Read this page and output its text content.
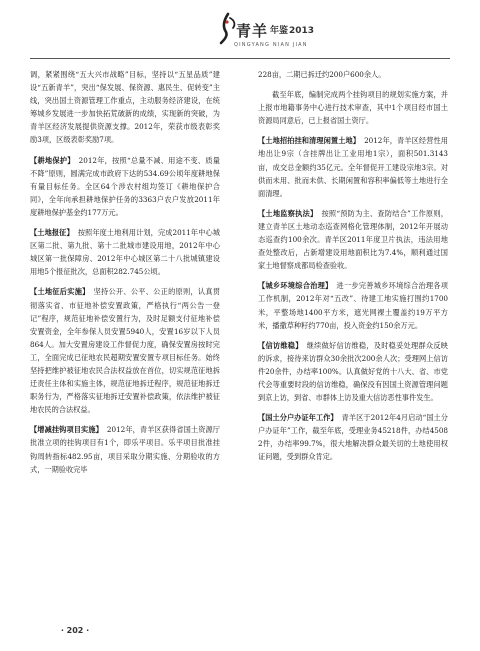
青羊 年鉴2013
QINGYANG NIAN JIAN

调，紧紧围绕“五大兴市战略”目标，坚持以“五星品质”建设“五新青羊”，突出“保发展、保资源、惠民生、促转变”主线，突出国土资源管理工作重点，主动服务经济建设，在统筹城乡发展进一步加快拓荒破新的成绩，实现新的突破，为青羊区经济发展提供资源支撑。2012年，荣获市级表彰奖励3项，区级表彰奖励7项。

【耕地保护】 2012年，按照“总量不减、用途不变、质量不降”原则，圆满完成市政府下达的534.69公顷年度耕地保有量目标任务。全区64个涉农村组均签订《耕地保护合同》，全年向承担耕地保护任务的3363户农户发放2011年度耕地保护基金约177万元。

【土地报征】 按照年度土地利用计划，完成2011年中心城区第二批、第九批、第十二批城市建设用地，2012年中心城区第一批保障房、2012年中心城区第二十八批城镇建设用地5个报征批次，总面积282.745公顷。

【土地征后实施】 坚持公开、公平、公正的原则，认真贯彻落实省、市征地补偿安置政策，严格执行“两公告一登记”程序，规范征地补偿安置行为，及时足额支付征地补偿安置资金，全年参保人员安置5940人，安置16岁以下人员864人。加大安置房建设工作督促力度，确保安置房按时完工，全面完成已征地农民超期安置安置专项目标任务。始终坚持把维护被征地农民合法权益放在首位，切实规范征地拆迁责任主体和实施主体，规范征地拆迁程序，规范征地拆迁职务行为，严格落实征地拆迁安置补偿政策，依法维护被征地农民的合法权益。

【增减挂钩项目实施】 2012年，青羊区获得省国土资源厅批准立项的挂钩项目有1个，即乐平项目。乐平项目批准挂钩周转指标482.95亩，项目采取分期实施、分期验收的方式，一期验收完毕

228亩，二期已拆迁约200户600余人。

截至年底，编制完成两个挂钩项目的规划实施方案，并上报市地籍事务中心进行技术审查，其中1个项目经市国土资源局同意后，已上报省国土资厅。

【土地招拍挂和清理闲置土地】 2012年，青羊区经营性用地出让9宗（含挂牌出让工业用地1宗），面积501.3143亩，成交总金额约35亿元。全年督促开工建设宗地3宗。对供而未用、批而未供、长期闲置和容积率偏低等土地进行全面清理。

【土地监察执法】 按照“预防为主、查防结合”工作原则，建立青羊区土地动态巡查网格化管理体制，2012年开展动态巡查约100余次。青羊区2011年度卫片执法，违法用地查处整改后，占新增建设用地面积比为7.4%，顺利通过国家土地督察成都局检查验收。

【城乡环境综合治理】 进一步完善城乡环境综合治理各项工作机制，2012年对“五改”、待建工地实施打围约1700米，平整场地1400平方米，遮光网裸土覆盖约19万平方米，播撒草种籽约770亩，投入资金约150余万元。

【信访维稳】 继续做好信访维稳，及时稳妥处理群众反映的诉求，接待来访群众30余批次200余人次；受理网上信访件20余件，办结率100%。认真做好党的十八大、省、市党代会等重要时段的信访维稳，确保没有因国土资源管理问题到京上访，到省、市群体上访及重大信访恶性事件发生。

【国土分户办证年工作】 青羊区于2012年4月启动“国土分户办证年”工作，截至年底，受理业务45218件，办结45082件，办结率99.7%，很大地解决群众最关切的土地使用权证问题，受到群众肯定。

· 202 ·
